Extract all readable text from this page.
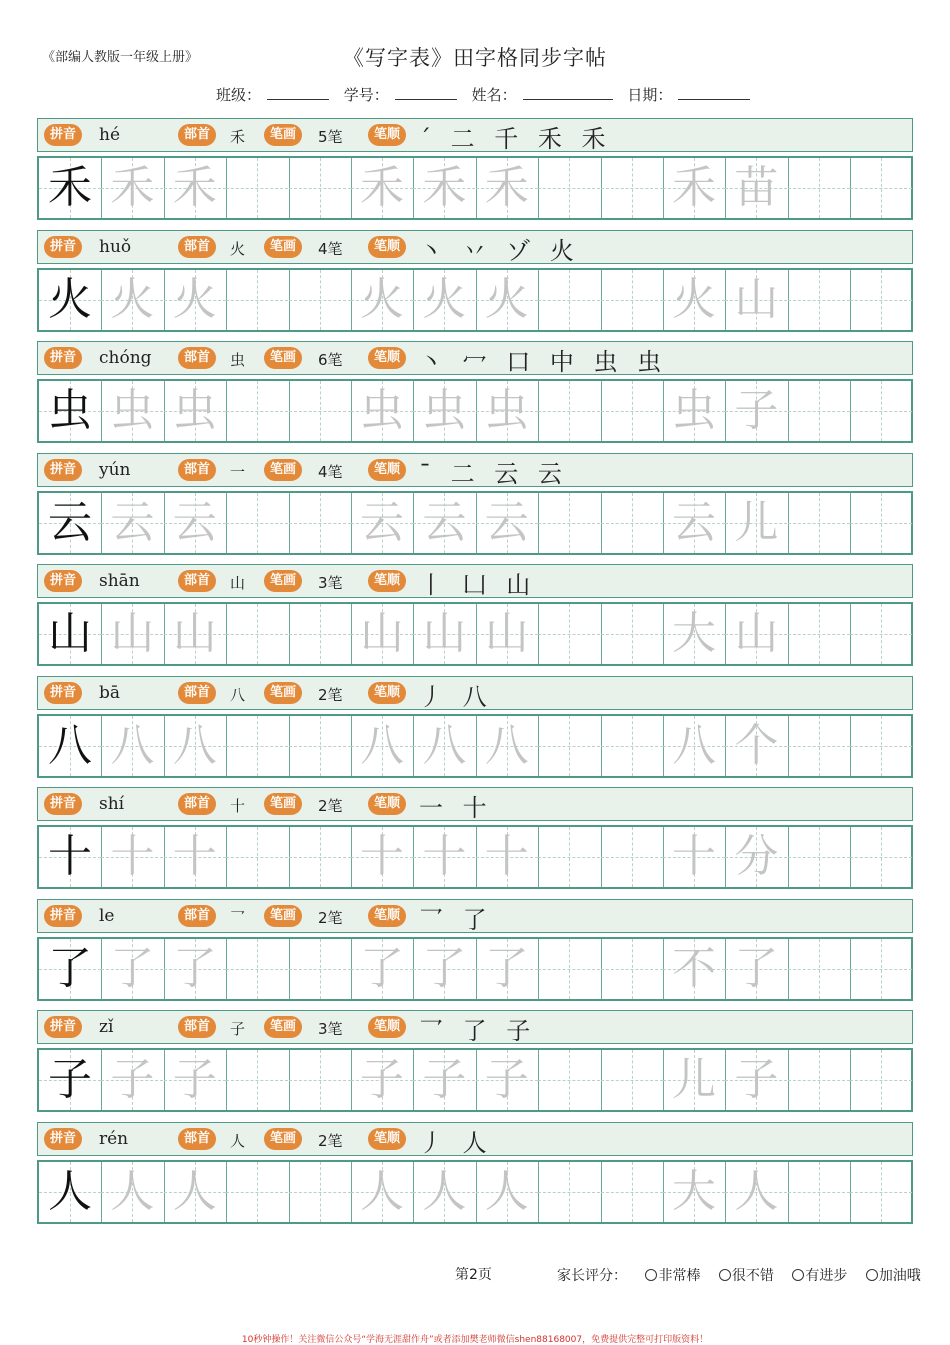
《部编人教版一年级上册》	《写字表》田字格同步字帖
班级：	学号：	姓名：	日期：
拼音	hé	部首	禾	笔画	5笔	笔顺 ˊ 二 千 禾 禾
禾 禾 禾	禾 禾 禾	禾 苗
拼音	huǒ	部首	火	笔画	4笔	笔顺 丶 丷 ゾ 火
火 火 火	火 火 火	火 山
拼音	chóng	部首	虫	笔画	6笔	笔顺 丶 冖 口 中 虫 虫
虫 虫 虫	虫 虫 虫	虫 子
拼音	yún	部首	一	笔画	4笔	笔顺 ˉ 二 云 云
云 云 云	云 云 云	云 儿
拼音	shān	部首	山	笔画	3笔	笔顺 丨 凵 山
山 山 山	山 山 山	大 山
拼音	bā	部首	八	笔画	2笔	笔顺 丿 八
八 八 八	八 八 八	八 个
拼音	shí	部首	十	笔画	2笔	笔顺 一 十
十 十 十	十 十 十	十 分
拼音	le	部首	乛	笔画	2笔	笔顺 乛 了
了 了 了	了 了 了	不 了
拼音	zǐ	部首	子	笔画	3笔	笔顺 乛 了 子
子 子 子	子 子 子	儿 子
拼音	rén	部首	人	笔画	2笔	笔顺 丿 人
人 人 人	人 人 人	大 人
第2页	家长评分： 非常棒 很不错 有进步 加油哦
10秒钟操作！关注微信公众号“学海无涯甜作舟”或者添加樊老师微信shen88168007，免费提供完整可打印版资料！
